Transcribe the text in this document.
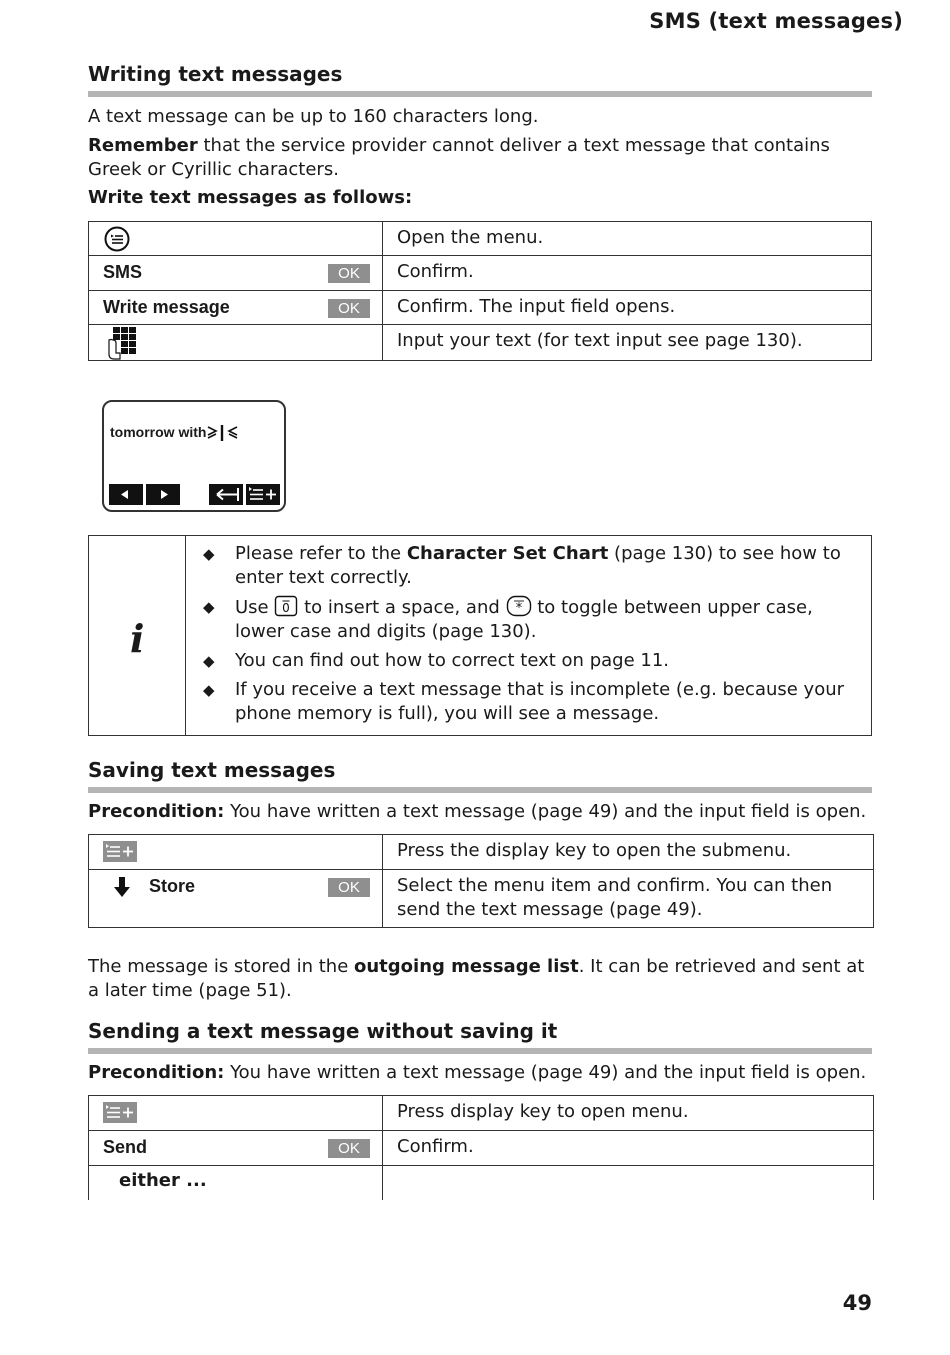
SMS (text messages)
Writing text messages
A text message can be up to 160 characters long.
Remember that the service provider cannot deliver a text message that contains Greek or Cyrillic characters.
Write text messages as follows:
	Open the menu.
SMS OK	Confirm.
Write message OK	Confirm. The input field opens.
	Input your text (for text input see page 130).
tomorrow with
i
◆ Please refer to the Character Set Chart (page 130) to see how to enter text correctly.
◆ Use 0 to insert a space, and * to toggle between upper case, lower case and digits (page 130).
◆ You can find out how to correct text on page 11.
◆ If you receive a text message that is incomplete (e.g. because your phone memory is full), you will see a message.
Saving text messages
Precondition: You have written a text message (page 49) and the input field is open.
	Press the display key to open the submenu.

Store OK	Select the menu item and confirm. You can then send the text message (page 49).
The message is stored in the outgoing message list. It can be retrieved and sent at a later time (page 51).
Sending a text message without saving it
Precondition: You have written a text message (page 49) and the input field is open.
	Press display key to open menu.
Send OK	Confirm.
either ...	
49
